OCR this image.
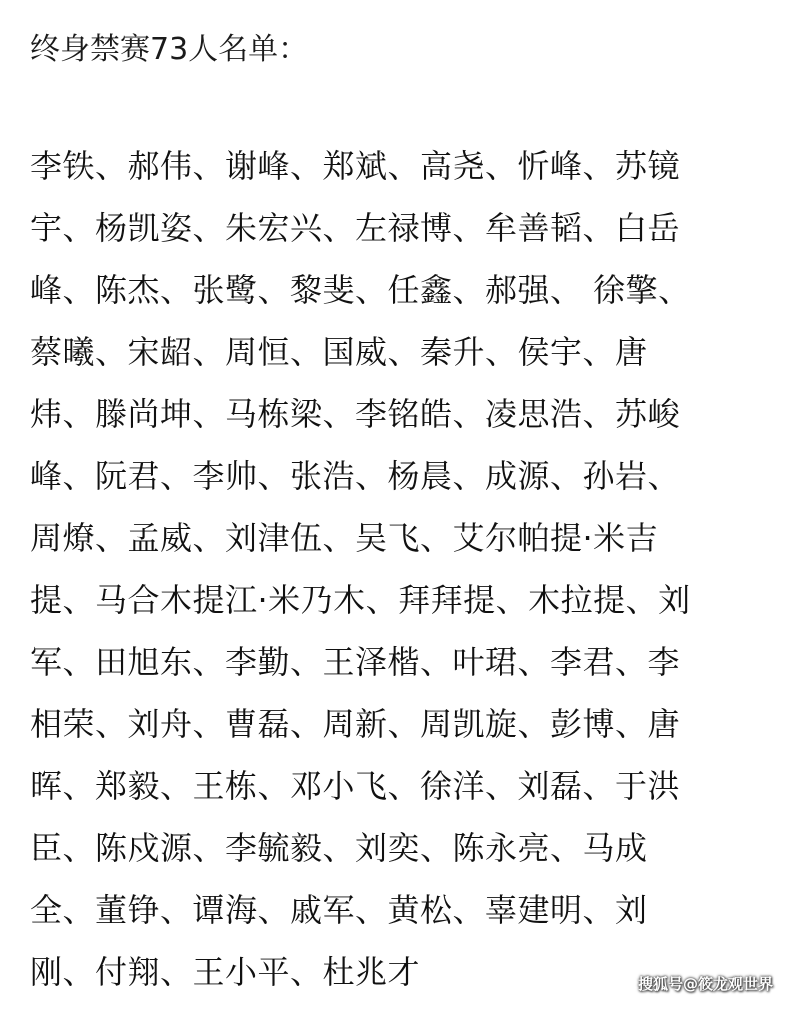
终身禁赛73人名单：
李铁、郝伟、谢峰、郑斌、高尧、忻峰、苏镜
宇、杨凯姿、朱宏兴、左禄博、牟善韬、白岳
峰、陈杰、张鹭、黎斐、任鑫、郝强、 徐擎、
蔡曦、宋龆、周恒、国威、秦升、侯宇、唐
炜、滕尚坤、马栋梁、李铭皓、凌思浩、苏峻
峰、阮君、李帅、张浩、杨晨、成源、孙岩、
周燎、孟威、刘津伍、吴飞、艾尔帕提·米吉
提、马合木提江·米乃木、拜拜提、木拉提、刘
军、田旭东、李勤、王泽楷、叶珺、李君、李
相荣、刘舟、曹磊、周新、周凯旋、彭博、唐
晖、郑毅、王栋、邓小飞、徐洋、刘磊、于洪
臣、陈戍源、李毓毅、刘奕、陈永亮、马成
全、董铮、谭海、戚军、黄松、辜建明、刘
刚、付翔、王小平、杜兆才	搜狐号@筱龙观世界
